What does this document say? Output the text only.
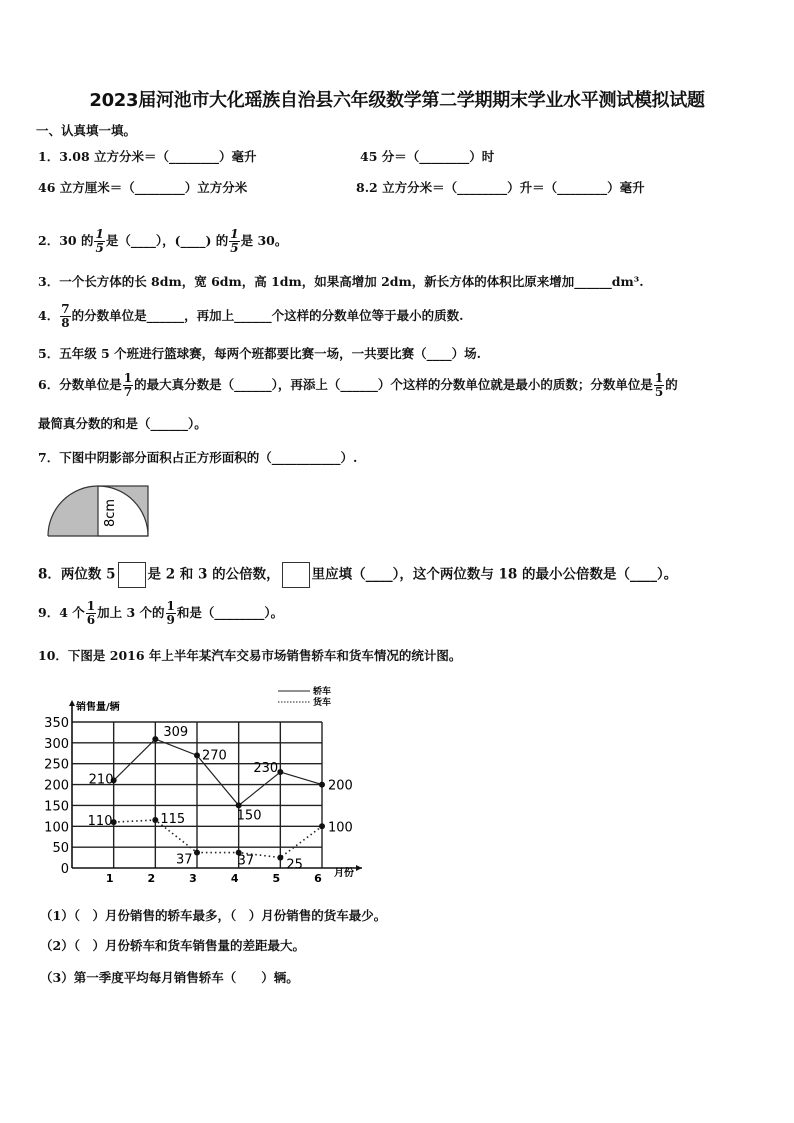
2023届河池市大化瑶族自治县六年级数学第二学期期末学业水平测试模拟试题
一、认真填一填。
1．3.08 立方分米＝（________）毫升	45 分＝（________）时
46 立方厘米＝（________）立方分米	8.2 立方分米＝（________）升＝（________）毫升
2．30 的 $\frac{1}{5}$ 是（____），(____) 的 $\frac{1}{5}$ 是 30。
3．一个长方体的长 8dm，宽 6dm，高 1dm，如果高增加 2dm，新长方体的体积比原来增加______dm³.
4． $\frac{7}{8}$ 的分数单位是______，再加上______个这样的分数单位等于最小的质数.
5．五年级 5 个班进行篮球赛，每两个班都要比赛一场，一共要比赛（____）场.
6．分数单位是 $\frac{1}{7}$ 的最大真分数是（______），再添上（______）个这样的分数单位就是最小的质数；分数单位是 $\frac{1}{5}$ 的
最简真分数的和是（______）。
7．下图中阴影部分面积占正方形面积的（___________）.
8cm
8．两位数 5 是 2 和 3 的公倍数， 里应填（____），这个两位数与 18 的最小公倍数是（____）。
9．4 个 $\frac{1}{6}$ 加上 3 个的 $\frac{1}{9}$ 和是（________）。
10．下图是 2016 年上半年某汽车交易市场销售轿车和货车情况的统计图。
0
50
100
150
200
250
300
350
1	2	3	4	5	6
210
309
270
150
230
200
110	115
37	37 25
100
销售量/辆
月份
轿车
货车
（1）（　）月份销售的轿车最多，（　）月份销售的货车最少。
（2）（　）月份轿车和货车销售量的差距最大。
（3）第一季度平均每月销售轿车（　　）辆。
